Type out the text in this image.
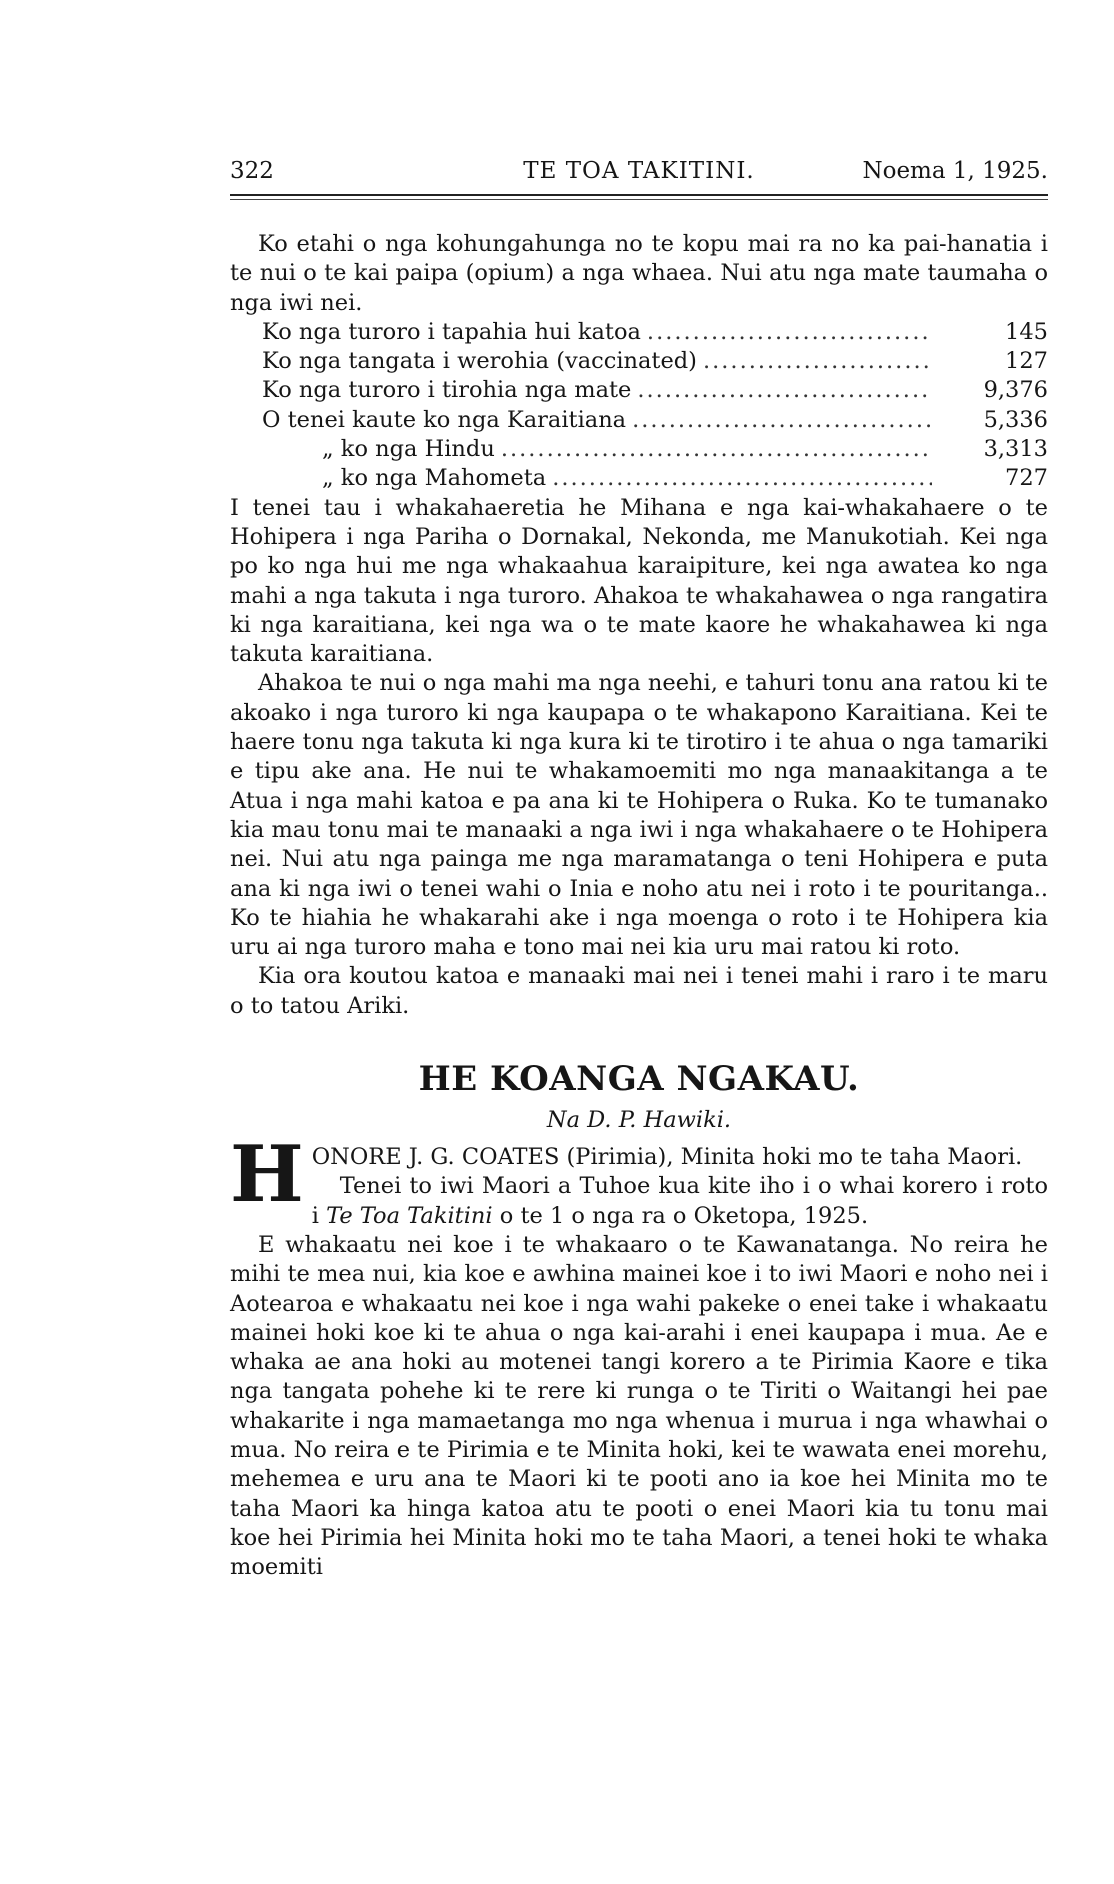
322	TE TOA TAKITINI.	Noema 1, 1925.

Ko etahi o nga kohungahunga no te kopu mai ra no ka pai-hanatia i te nui o te kai paipa (opium) a nga whaea. Nui atu nga mate taumaha o nga iwi nei.

Ko nga turoro i tapahia hui katoa .....	145
Ko nga tangata i werohia (vaccinated) .....	127
Ko nga turoro i tirohia nga mate .....	9,376
O tenei kaute ko nga Karaitiana .....	5,336
„ ko nga Hindu .....	3,313
„ ko nga Mahometa .....	727

I tenei tau i whakahaeretia he Mihana e nga kai-whakahaere o te Hohipera i nga Pariha o Dornakal, Nekonda, me Manukotiah. Kei nga po ko nga hui me nga whakaahua karaipiture, kei nga awatea ko nga mahi a nga takuta i nga turoro. Ahakoa te whakahawea o nga rangatira ki nga karaitiana, kei nga wa o te mate kaore he whakahawea ki nga takuta karaitiana.

Ahakoa te nui o nga mahi ma nga neehi, e tahuri tonu ana ratou ki te akoako i nga turoro ki nga kaupapa o te whakapono Karaitiana. Kei te haere tonu nga takuta ki nga kura ki te tirotiro i te ahua o nga tamariki e tipu ake ana. He nui te whakamoemiti mo nga manaakitanga a te Atua i nga mahi katoa e pa ana ki te Hohipera o Ruka. Ko te tumanako kia mau tonu mai te manaaki a nga iwi i nga whakahaere o te Hohipera nei. Nui atu nga painga me nga maramatanga o teni Hohipera e puta ana ki nga iwi o tenei wahi o Inia e noho atu nei i roto i te pouritanga.. Ko te hiahia he whakarahi ake i nga moenga o roto i te Hohipera kia uru ai nga turoro maha e tono mai nei kia uru mai ratou ki roto.

Kia ora koutou katoa e manaaki mai nei i tenei mahi i raro i te maru o to tatou Ariki.

HE KOANGA NGAKAU.
Na D. P. Hawiki.

HONORE J. G. COATES (Pirimia), Minita hoki mo te taha Maori.

Tenei to iwi Maori a Tuhoe kua kite iho i o whai korero i roto i Te Toa Takitini o te 1 o nga ra o Oketopa, 1925.

E whakaatu nei koe i te whakaaro o te Kawanatanga. No reira he mihi te mea nui, kia koe e awhina mainei koe i to iwi Maori e noho nei i Aotearoa e whakaatu nei koe i nga wahi pakeke o enei take i whakaatu mainei hoki koe ki te ahua o nga kai-arahi i enei kaupapa i mua. Ae e whaka ae ana hoki au motenei tangi korero a te Pirimia Kaore e tika nga tangata pohehe ki te rere ki runga o te Tiriti o Waitangi hei pae whakarite i nga mamaetanga mo nga whenua i murua i nga whawhai o mua. No reira e te Pirimia e te Minita hoki, kei te wawata enei morehu, mehemea e uru ana te Maori ki te pooti ano ia koe hei Minita mo te taha Maori ka hinga katoa atu te pooti o enei Maori kia tu tonu mai koe hei Pirimia hei Minita hoki mo te taha Maori, a tenei hoki te whaka moemiti
